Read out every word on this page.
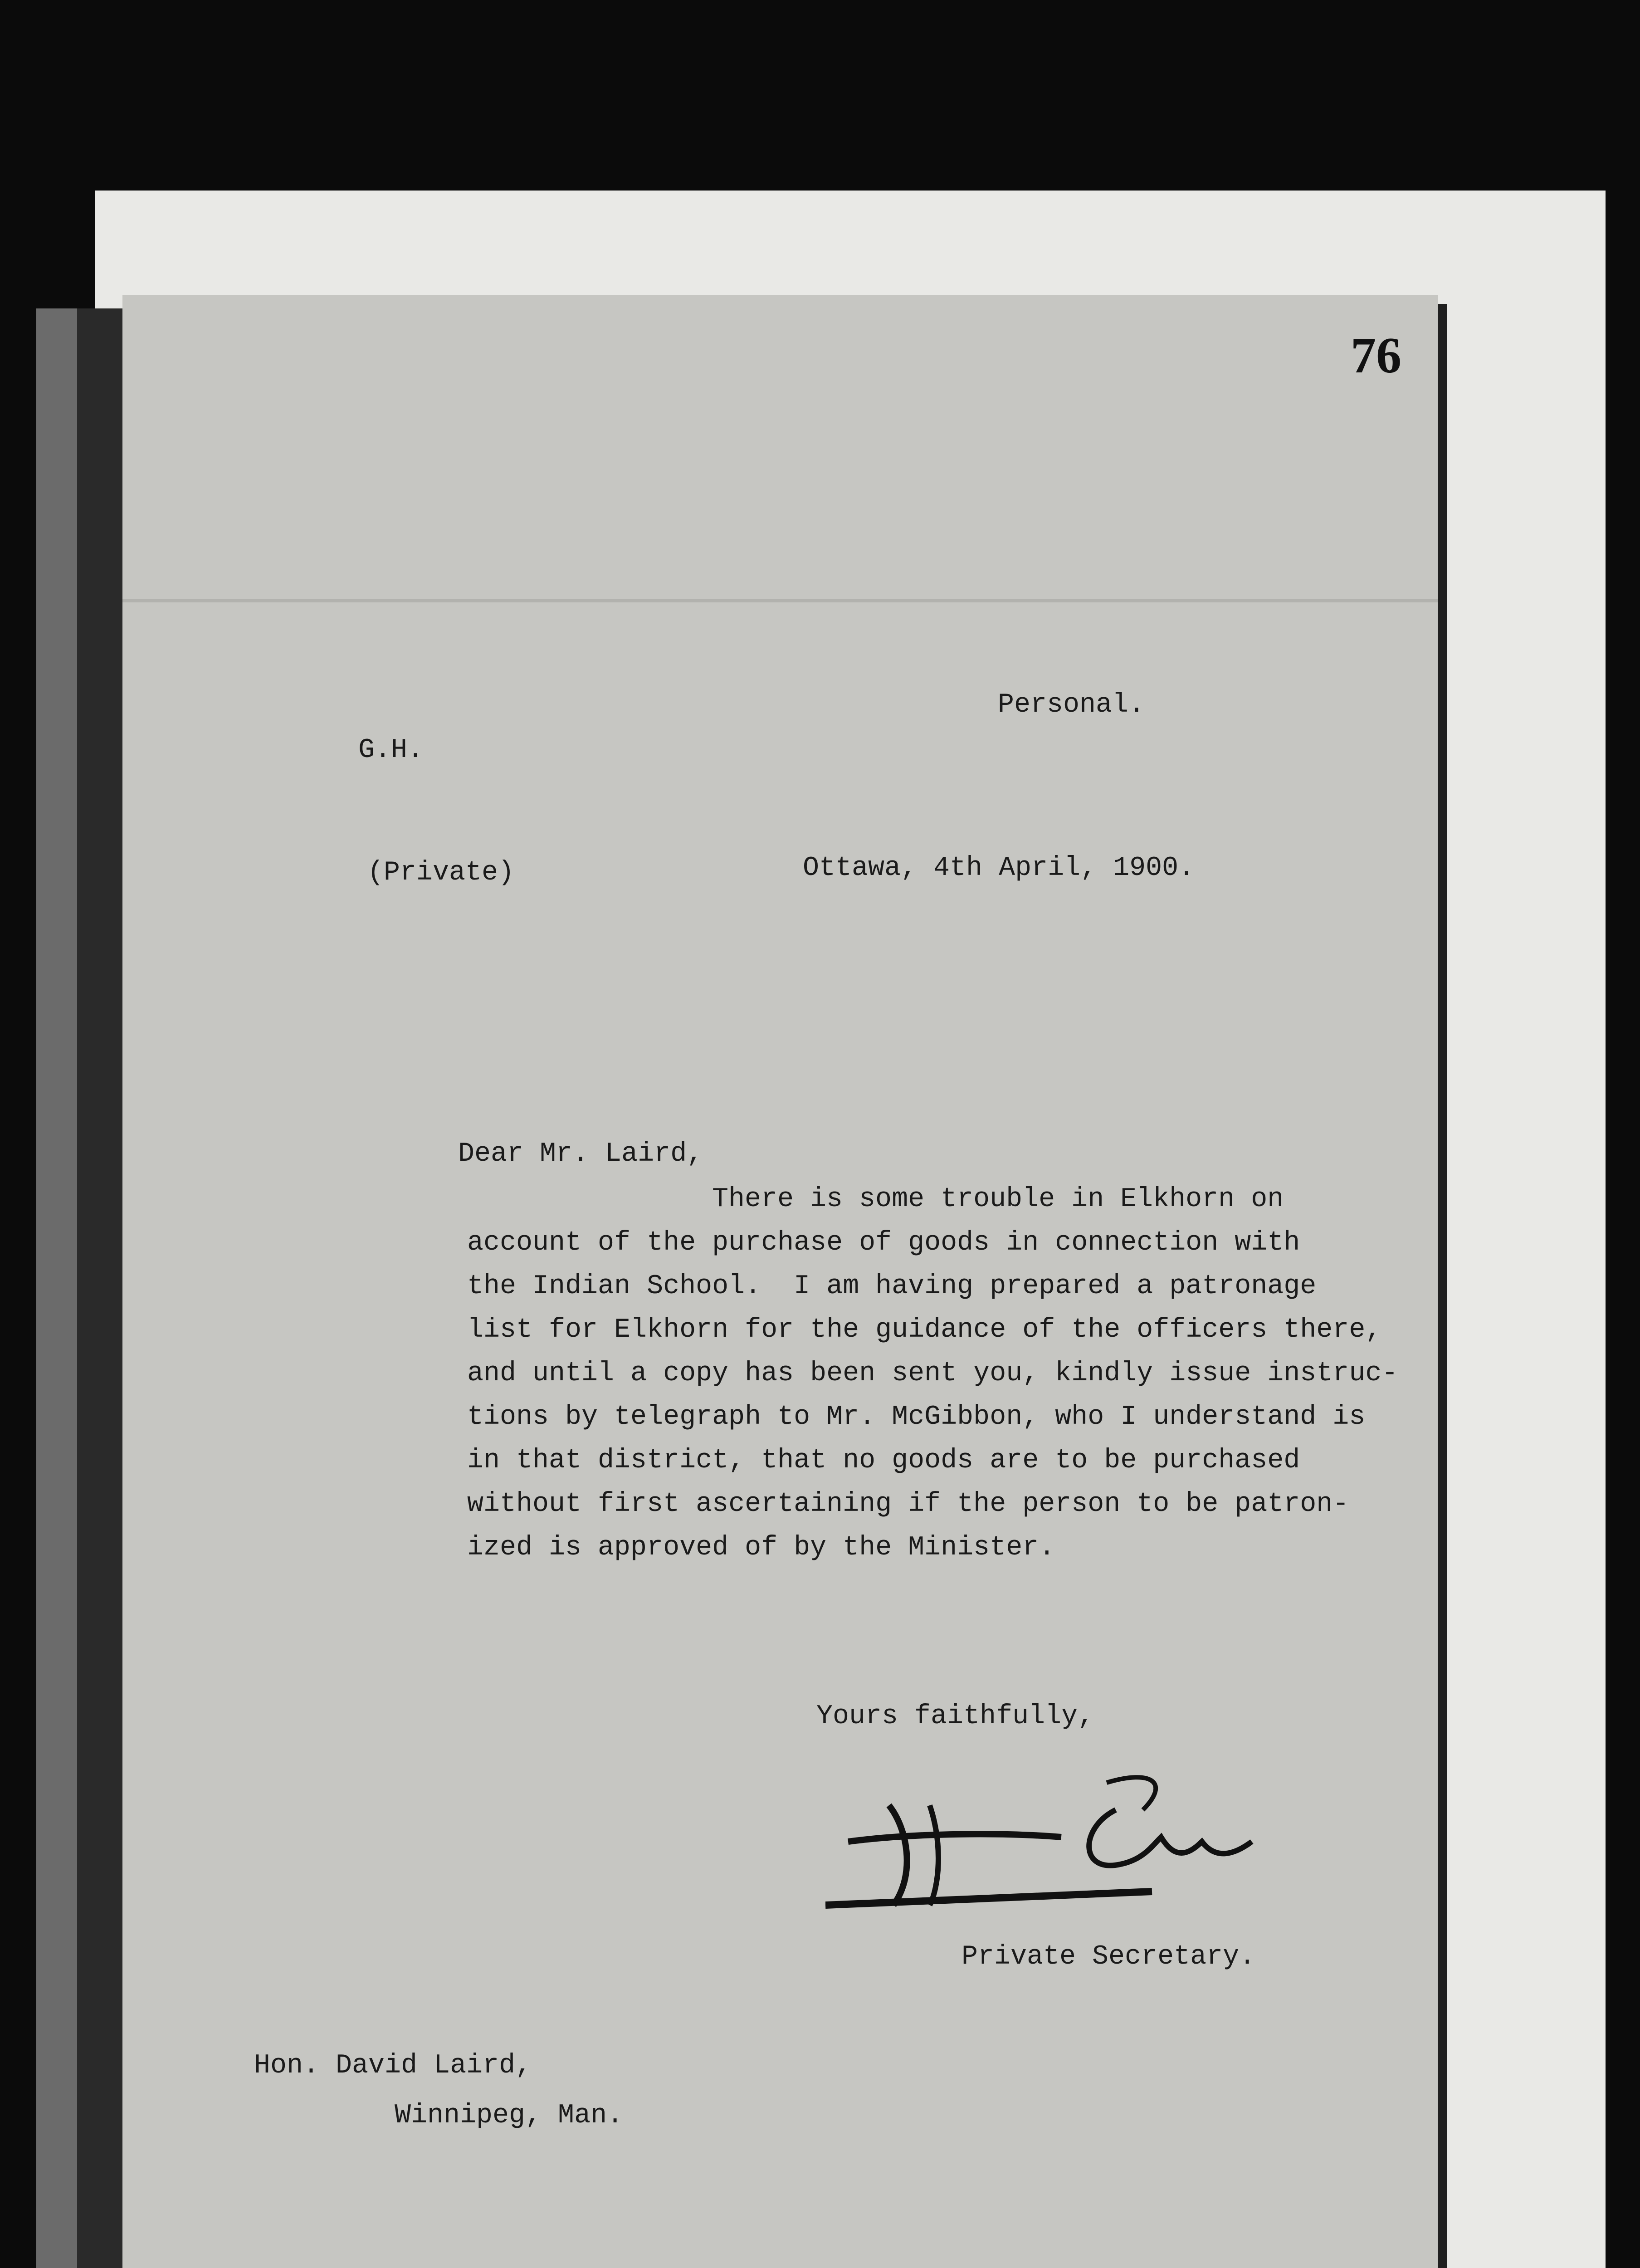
76
Personal.
G.H.
(Private)	Ottawa, 4th April, 1900.
Dear Mr. Laird,
There is some trouble in Elkhorn on
account of the purchase of goods in connection with
the Indian School.  I am having prepared a patronage
list for Elkhorn for the guidance of the officers there,
and until a copy has been sent you, kindly issue instruc-
tions by telegraph to Mr. McGibbon, who I understand is
in that district, that no goods are to be purchased
without first ascertaining if the person to be patron-
ized is approved of by the Minister.
Yours faithfully,
Private Secretary.
Hon. David Laird,
Winnipeg, Man.
